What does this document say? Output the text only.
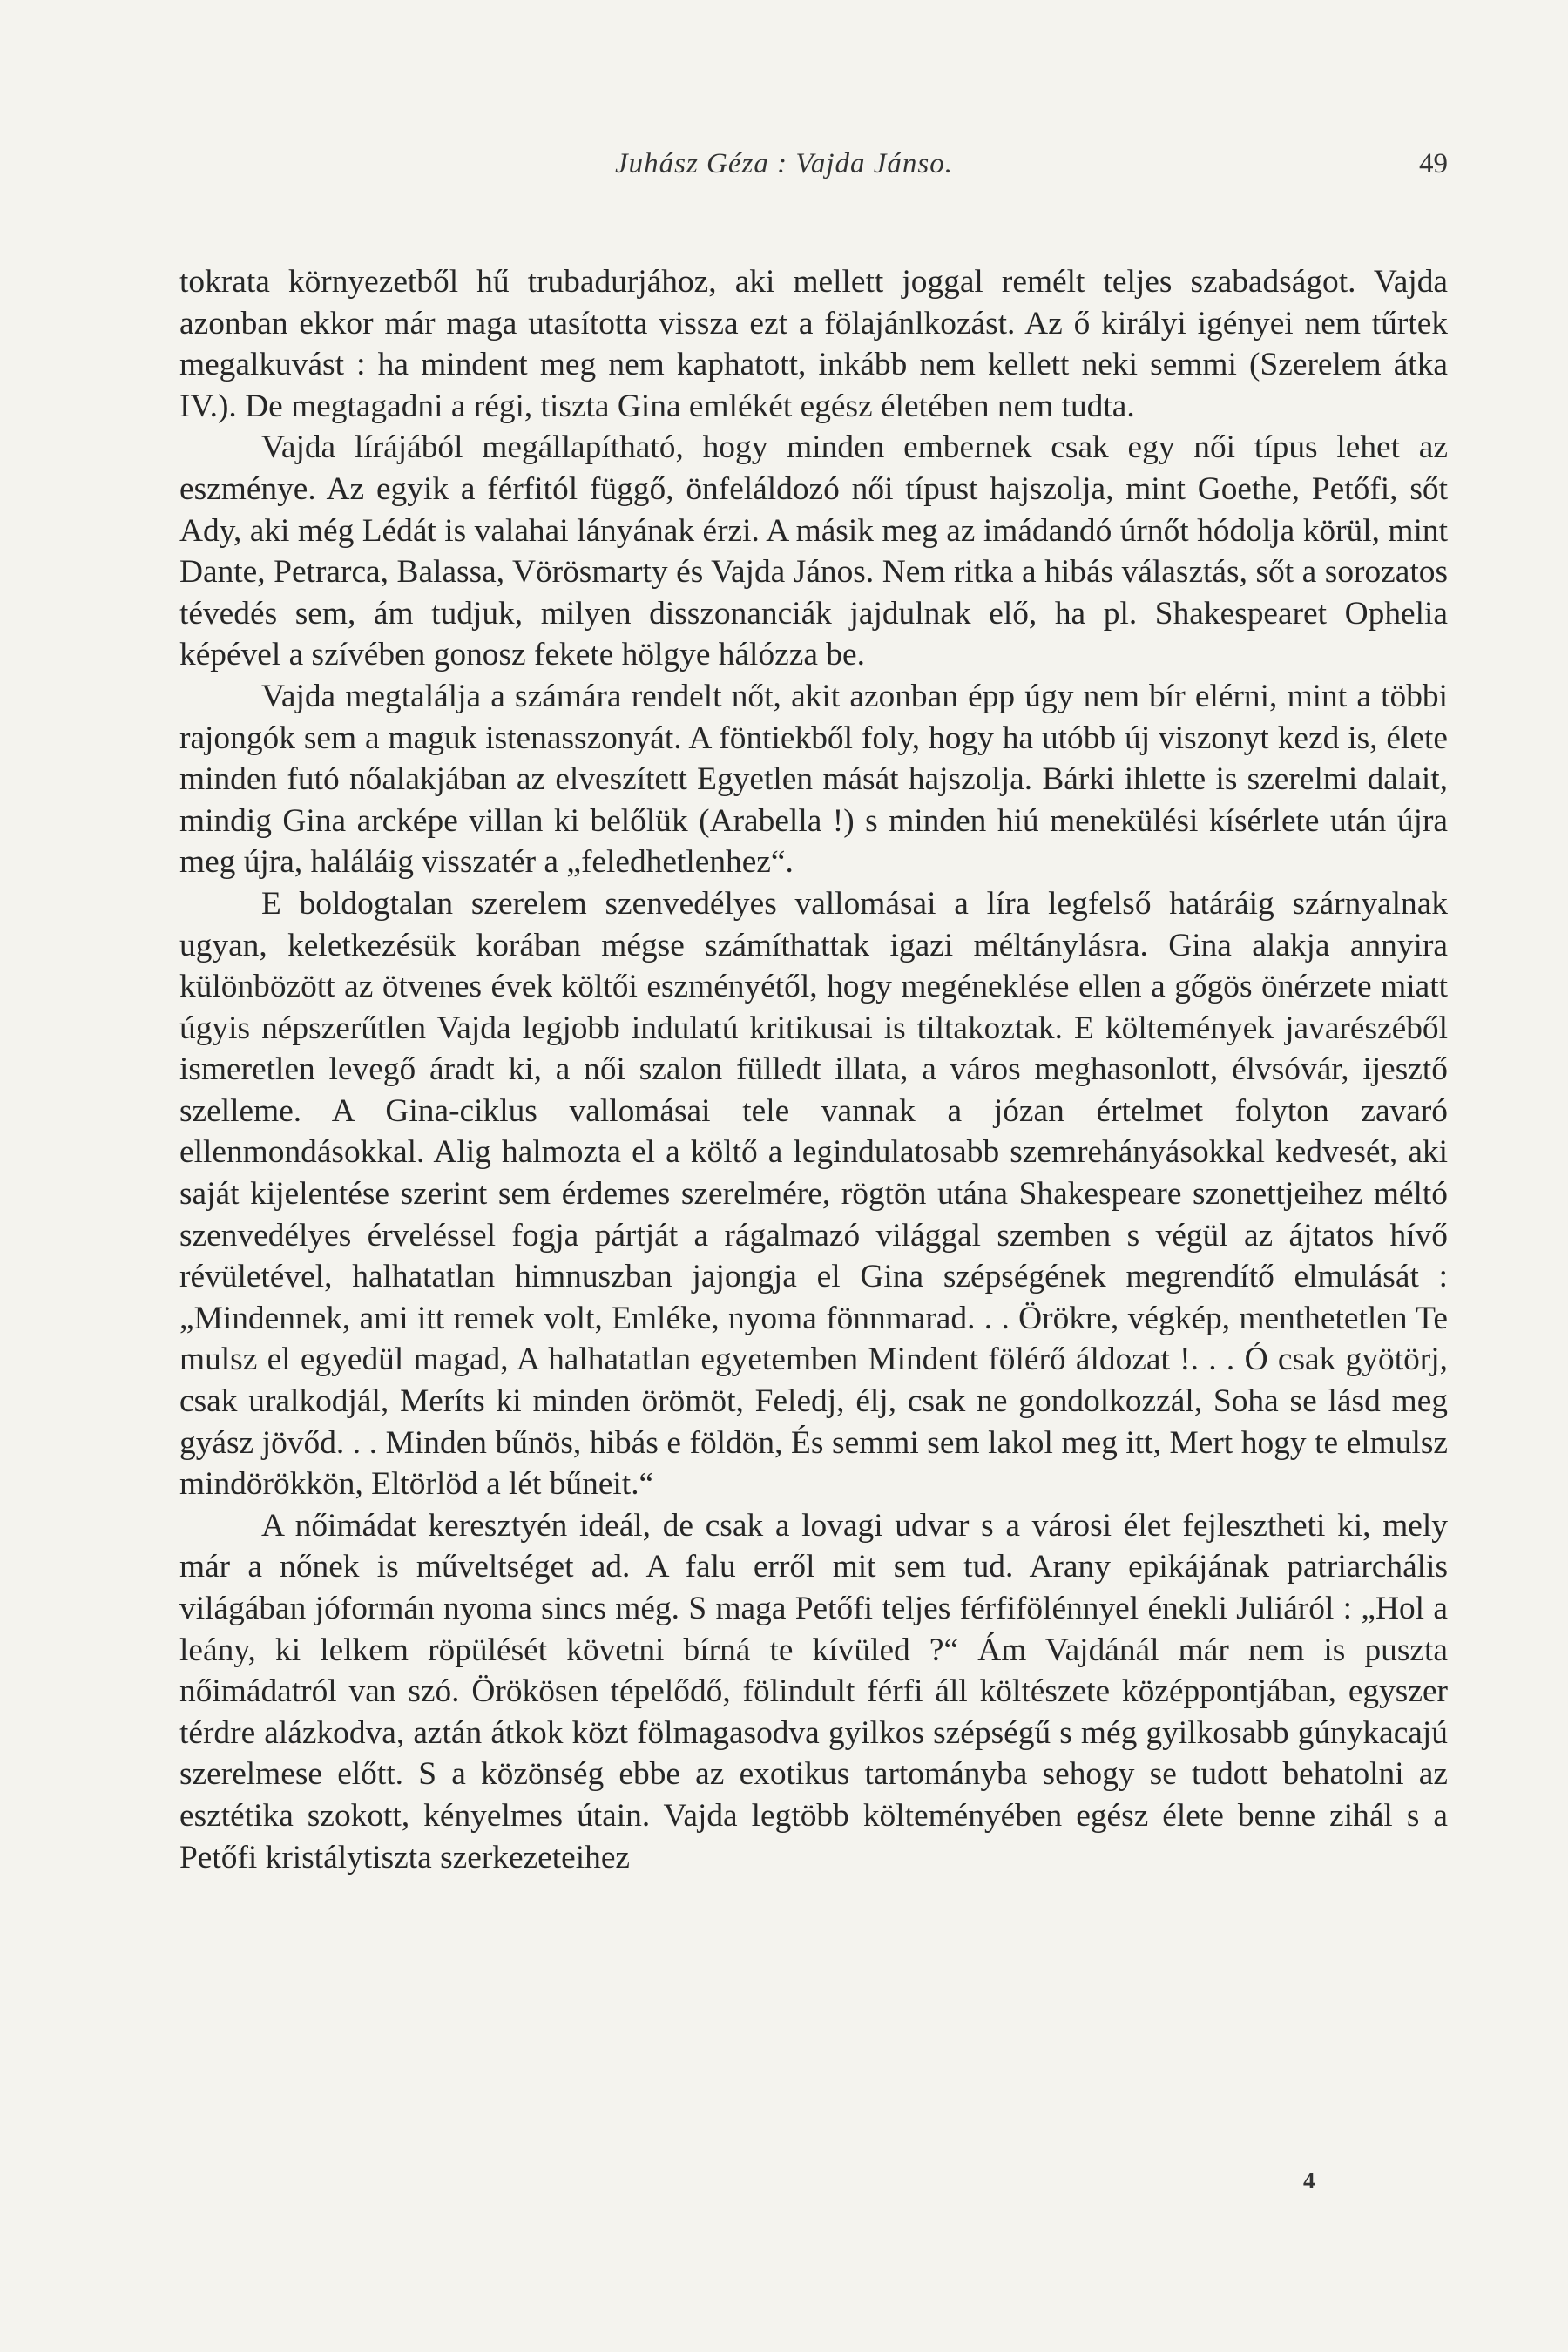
Juhász Géza : Vajda Jánso.	49

tokrata környezetből hű trubadurjához, aki mellett joggal remélt teljes szabadságot. Vajda azonban ekkor már maga utasította vissza ezt a fölajánlkozást. Az ő királyi igényei nem tűrtek megalkuvást : ha mindent meg nem kaphatott, inkább nem kellett neki semmi (Szerelem átka IV.). De megtagadni a régi, tiszta Gina emlékét egész életében nem tudta.

Vajda lírájából megállapítható, hogy minden embernek csak egy női típus lehet az eszménye. Az egyik a férfitól függő, önfeláldozó női típust hajszolja, mint Goethe, Petőfi, sőt Ady, aki még Lédát is valahai lányának érzi. A másik meg az imádandó úrnőt hódolja körül, mint Dante, Petrarca, Balassa, Vörösmarty és Vajda János. Nem ritka a hibás választás, sőt a sorozatos tévedés sem, ám tudjuk, milyen disszonanciák jajdulnak elő, ha pl. Shakespearet Ophelia képével a szívében gonosz fekete hölgye hálózza be.

Vajda megtalálja a számára rendelt nőt, akit azonban épp úgy nem bír elérni, mint a többi rajongók sem a maguk istenasszonyát. A föntiekből foly, hogy ha utóbb új viszonyt kezd is, élete minden futó nőalakjában az elveszített Egyetlen mását hajszolja. Bárki ihlette is szerelmi dalait, mindig Gina arcképe villan ki belőlük (Arabella !) s minden hiú menekülési kísérlete után újra meg újra, haláláig visszatér a „feledhetlenhez“.

E boldogtalan szerelem szenvedélyes vallomásai a líra legfelső határáig szárnyalnak ugyan, keletkezésük korában mégse számíthattak igazi méltánylásra. Gina alakja annyira különbözött az ötvenes évek költői eszményétől, hogy megéneklése ellen a gőgös önérzete miatt úgyis népszerűtlen Vajda legjobb indulatú kritikusai is tiltakoztak. E költemények javarészéből ismeretlen levegő áradt ki, a női szalon fülledt illata, a város meghasonlott, élvsóvár, ijesztő szelleme. A Gina-ciklus vallomásai tele vannak a józan értelmet folyton zavaró ellenmondásokkal. Alig halmozta el a költő a legindulatosabb szemrehányásokkal kedvesét, aki saját kijelentése szerint sem érdemes szerelmére, rögtön utána Shakespeare szonettjeihez méltó szenvedélyes érveléssel fogja pártját a rágalmazó világgal szemben s végül az ájtatos hívő révületével, halhatatlan himnuszban jajongja el Gina szépségének megrendítő elmulását : „Mindennek, ami itt remek volt, Emléke, nyoma fönnmarad. . . Örökre, végkép, menthetetlen Te mulsz el egyedül magad, A halhatatlan egyetemben Mindent fölérő áldozat !. . . Ó csak gyötörj, csak uralkodjál, Meríts ki minden örömöt, Feledj, élj, csak ne gondolkozzál, Soha se lásd meg gyász jövőd. . . Minden bűnös, hibás e földön, És semmi sem lakol meg itt, Mert hogy te elmulsz mindörökkön, Eltörlöd a lét bűneit.“

A nőimádat keresztyén ideál, de csak a lovagi udvar s a városi élet fejlesztheti ki, mely már a nőnek is műveltséget ad. A falu erről mit sem tud. Arany epikájának patriarchális világában jóformán nyoma sincs még. S maga Petőfi teljes férfifölénnyel énekli Juliáról : „Hol a leány, ki lelkem röpülését követni bírná te kívüled ?“ Ám Vajdánál már nem is puszta nőimádatról van szó. Örökösen tépelődő, fölindult férfi áll költészete középpontjában, egyszer térdre alázkodva, aztán átkok közt fölmagasodva gyilkos szépségű s még gyilkosabb gúnykacajú szerelmese előtt. S a közönség ebbe az exotikus tartományba sehogy se tudott behatolni az esztétika szokott, kényelmes útain. Vajda legtöbb költeményében egész élete benne zihál s a Petőfi kristálytiszta szerkezeteihez

4
